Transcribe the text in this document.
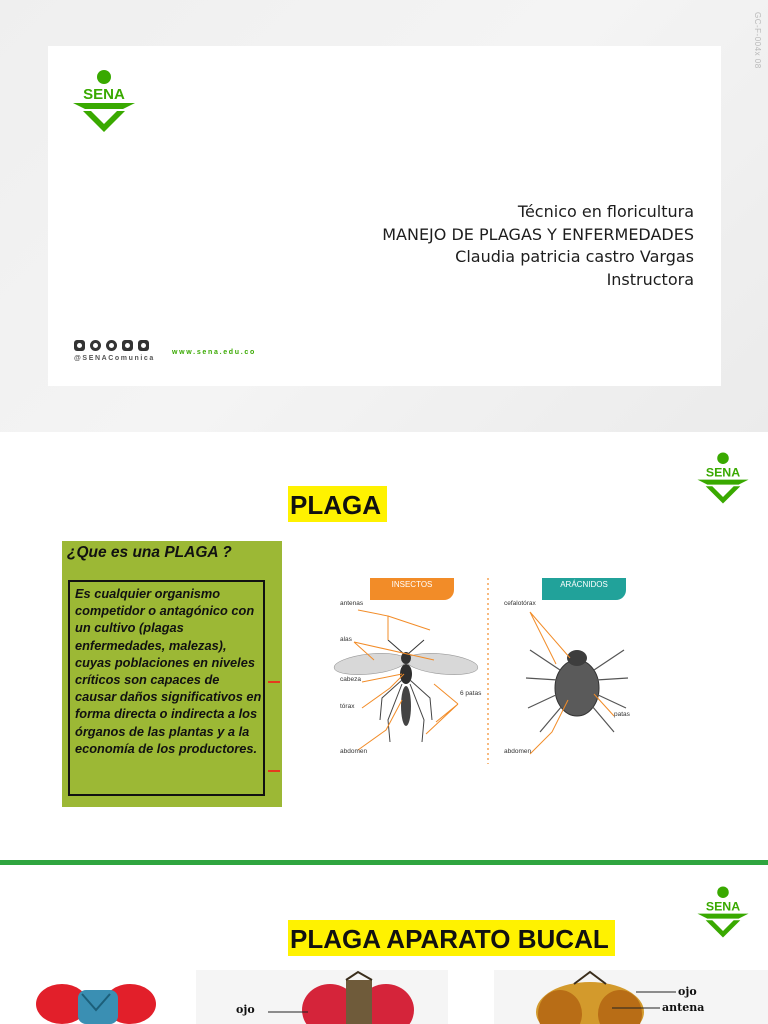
GC-F-004x 08
SENA
Técnico en floricultura
MANEJO DE PLAGAS Y ENFERMEDADES
Claudia patricia castro Vargas
Instructora
@SENAComunica
www.sena.edu.co
SENA
PLAGA
¿Que es una PLAGA ?
Es cualquier organismo competidor o antagónico con un cultivo (plagas enfermedades, malezas), cuyas poblaciones en niveles críticos son capaces de causar daños significativos en forma directa o indirecta a los órganos de las plantas y a la economía de los productores.
INSECTOS	ARÁCNIDOS
antenas
alas
cabeza
tórax
abdomen
6 patas
cefalotórax
patas
abdomen
SENA
PLAGA APARATO BUCAL
ojo
ojo
antena
